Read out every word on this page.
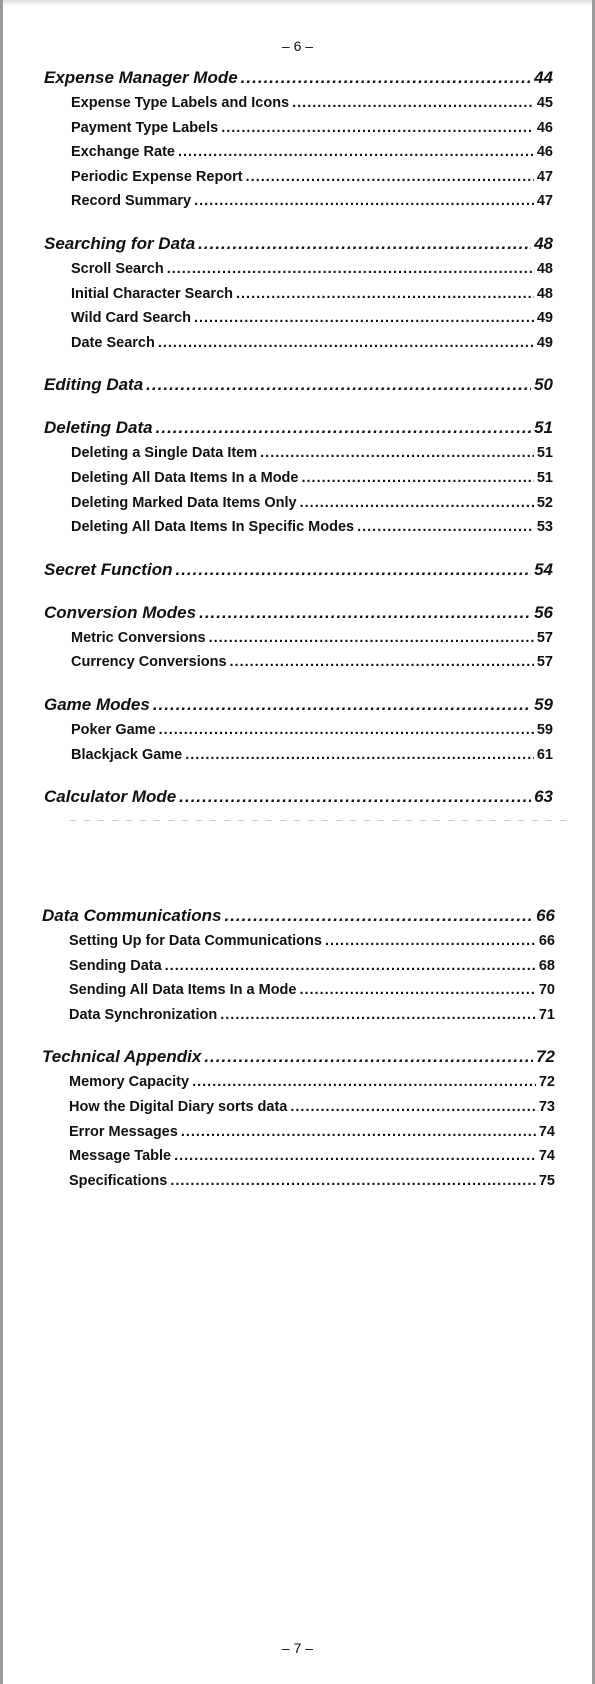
– 6 –
Expense Manager Mode .....	44
Expense Type Labels and Icons .....	45
Payment Type Labels .....	46
Exchange Rate .....	46
Periodic Expense Report .....	47
Record Summary .....	47
Searching for Data .....	48
Scroll Search .....	48
Initial Character Search .....	48
Wild Card Search .....	49
Date Search .....	49
Editing Data .....	50
Deleting Data .....	51
Deleting a Single Data Item .....	51
Deleting All Data Items In a Mode .....	51
Deleting Marked Data Items Only .....	52
Deleting All Data Items In Specific Modes .....	53
Secret Function .....	54
Conversion Modes .....	56
Metric Conversions .....	57
Currency Conversions .....	57
Game Modes .....	59
Poker Game .....	59
Blackjack Game .....	61
Calculator Mode .....	63
Data Communications .....	66
Setting Up for Data Communications .....	66
Sending Data .....	68
Sending All Data Items In a Mode .....	70
Data Synchronization .....	71
Technical Appendix .....	72
Memory Capacity .....	72
How the Digital Diary sorts data .....	73
Error Messages .....	74
Message Table .....	74
Specifications .....	75
– 7 –
